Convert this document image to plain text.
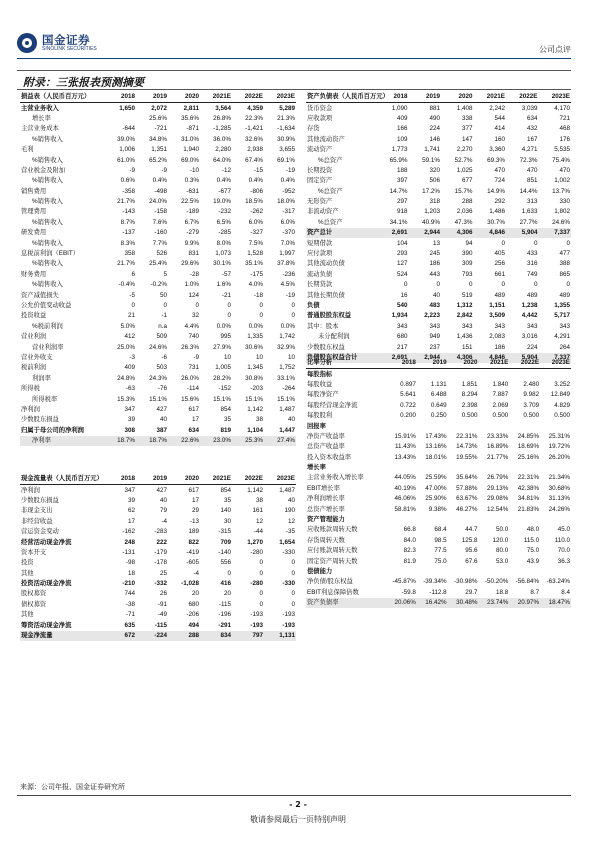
国金证券
SINOLINK SECURITIES	公司点评
附录：三张报表预测摘要
损益表（人民币百万元）	2018	2019	2020	2021E	2022E	2023E
主营业务收入	1,650	2,072	2,811	3,564	4,359	5,289
增长率		25.6%	35.6%	26.8%	22.3%	21.3%
主营业务成本	-644	-721	-871	-1,285	-1,421	-1,634
%销售收入	39.0%	34.8%	31.0%	36.0%	32.6%	30.9%
毛利	1,006	1,351	1,940	2,280	2,938	3,655
%销售收入	61.0%	65.2%	69.0%	64.0%	67.4%	69.1%
营业税金及附加	-9	-9	-10	-12	-15	-19
%销售收入	0.6%	0.4%	0.3%	0.4%	0.4%	0.4%
销售费用	-358	-498	-631	-677	-806	-952
%销售收入	21.7%	24.0%	22.5%	19.0%	18.5%	18.0%
管理费用	-143	-158	-189	-232	-262	-317
%销售收入	8.7%	7.6%	6.7%	6.5%	6.0%	6.0%
研发费用	-137	-160	-279	-285	-327	-370
%销售收入	8.3%	7.7%	9.9%	8.0%	7.5%	7.0%
息税前利润（EBIT）	358	526	831	1,073	1,528	1,997
%销售收入	21.7%	25.4%	29.6%	30.1%	35.1%	37.8%
财务费用	6	5	-28	-57	-175	-236
%销售收入	-0.4%	-0.2%	1.0%	1.6%	4.0%	4.5%
资产减值损失	-5	50	124	-21	-18	-19
公允价值变动收益	0	0	0	0	0	0
投资收益	21	-1	32	0	0	0
%税前利润	5.0%	n.a	4.4%	0.0%	0.0%	0.0%
营业利润	412	509	740	995	1,335	1,742
营业利润率	25.0%	24.6%	26.3%	27.9%	30.6%	32.9%
营业外收支	-3	-6	-9	10	10	10
税前利润	409	503	731	1,005	1,345	1,752
利润率	24.8%	24.3%	26.0%	28.2%	30.8%	33.1%
所得税	-63	-76	-114	-152	-203	-264
所得税率	15.3%	15.1%	15.6%	15.1%	15.1%	15.1%
净利润	347	427	617	854	1,142	1,487
少数股东损益	39	40	17	35	38	40
归属于母公司的净利润	308	387	634	819	1,104	1,447
净利率	18.7%	18.7%	22.6%	23.0%	25.3%	27.4%
现金流量表（人民币百万元）	2018	2019	2020	2021E	2022E	2023E
净利润	347	427	617	854	1,142	1,487
少数股东损益	39	40	17	35	38	40
非现金支出	62	79	29	140	161	190
非经营收益	17	-4	-13	30	12	12
营运资金变动	-162	-283	189	-315	-44	-35
经营活动现金净流	248	222	822	709	1,270	1,654
资本开支	-131	-179	-419	-140	-280	-330
投资	-98	-178	-605	556	0	0
其他	18	25	-4	0	0	0
投资活动现金净流	-210	-332	-1,028	416	-280	-330
股权募资	744	26	20	20	0	0
债权募资	-38	-91	680	-115	0	0
其他	-71	-49	-206	-196	-193	-193
筹资活动现金净流	635	-115	494	-291	-193	-193
现金净流量	672	-224	288	834	797	1,131
资产负债表（人民币百万元）	2018	2019	2020	2021E	2022E	2023E
货币资金	1,090	881	1,408	2,242	3,039	4,170
应收款项	409	490	338	544	634	721
存货	166	224	377	414	432	468
其他流动资产	109	146	147	160	167	176
流动资产	1,773	1,741	2,270	3,360	4,271	5,535
%总资产	65.9%	59.1%	52.7%	69.3%	72.3%	75.4%
长期投资	188	320	1,025	470	470	470
固定资产	397	506	677	724	851	1,002
%总资产	14.7%	17.2%	15.7%	14.9%	14.4%	13.7%
无形资产	297	318	288	292	313	330
非流动资产	918	1,203	2,036	1,486	1,633	1,802
%总资产	34.1%	40.9%	47.3%	30.7%	27.7%	24.6%
资产总计	2,691	2,944	4,306	4,846	5,904	7,337
短期借款	104	13	94	0	0	0
应付款项	293	245	390	405	433	477
其他流动负债	127	186	309	256	316	388
流动负债	524	443	793	661	749	865
长期贷款	0	0	0	0	0	0
其他长期负债	16	40	519	489	489	489
负债	540	483	1,312	1,151	1,238	1,355
普通股股东权益	1,934	2,223	2,842	3,509	4,442	5,717
其中：股本	343	343	343	343	343	343
未分配利润	680	949	1,436	2,083	3,016	4,291
少数股东权益	217	237	151	186	224	264
负债股东权益合计	2,691	2,944	4,306	4,846	5,904	7,337
比率分析	2018	2019	2020	2021E	2022E	2023E
每股指标						
每股收益	0.897	1.131	1.851	1.840	2.480	3.252
每股净资产	5.641	6.488	8.294	7.887	9.982	12.849
每股经营现金净流	0.722	0.649	2.398	2.069	3.709	4.829
每股股利	0.200	0.250	0.500	0.500	0.500	0.500
回报率						
净资产收益率	15.91%	17.43%	22.31%	23.33%	24.85%	25.31%
总资产收益率	11.43%	13.16%	14.73%	16.89%	18.69%	19.72%
投入资本收益率	13.43%	18.01%	19.55%	21.77%	25.16%	26.20%
增长率						
主营业务收入增长率	44.05%	25.59%	35.64%	26.79%	22.31%	21.34%
EBIT增长率	40.19%	47.00%	57.88%	29.13%	42.38%	30.68%
净利润增长率	46.06%	25.90%	63.67%	29.08%	34.81%	31.13%
总资产增长率	58.81%	9.38%	46.27%	12.54%	21.83%	24.26%
资产管理能力						
应收账款周转天数	66.8	68.4	44.7	50.0	48.0	45.0
存货周转天数	84.0	98.5	125.8	120.0	115.0	110.0
应付账款周转天数	82.3	77.5	95.6	80.0	75.0	70.0
固定资产周转天数	81.9	75.0	67.6	53.0	43.9	36.3
偿债能力						
净负债/股东权益	-45.87%	-39.34%	-30.98%	-50.20%	-56.84%	-63.24%
EBIT利息保障倍数	-59.8	-112.8	29.7	18.8	8.7	8.4
资产负债率	20.06%	16.42%	30.48%	23.74%	20.97%	18.47%
来源：公司年报、国金证券研究所
- 2 -
敬请参阅最后一页特别声明
